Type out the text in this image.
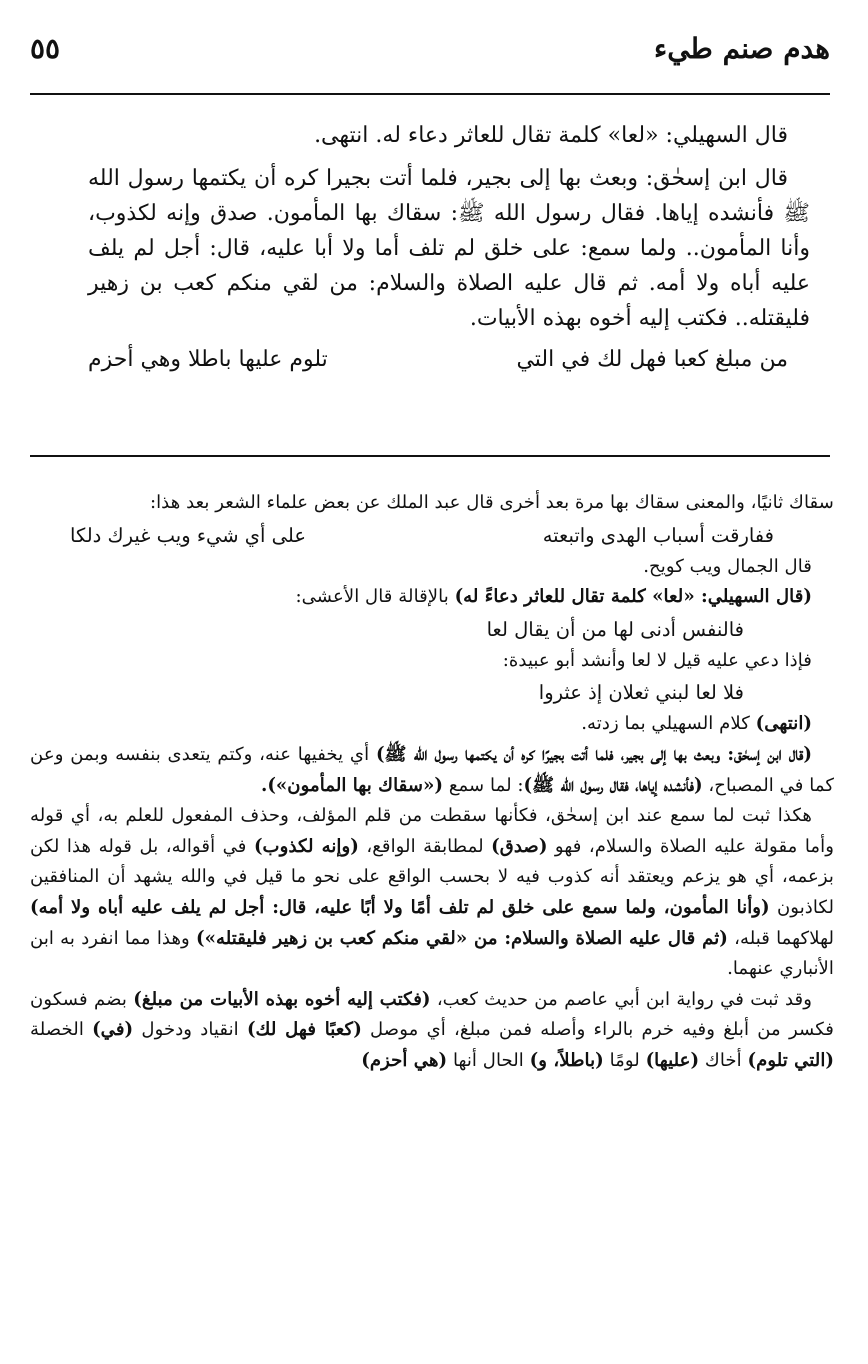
هدم صنم طيء
٥٥

قال السهيلي: «لعا» كلمة تقال للعاثر دعاء له. انتهى.

قال ابن إسحٰق: وبعث بها إلى بجير، فلما أتت بجيرا كره أن يكتمها رسول الله ﷺ فأنشده إياها. فقال رسول الله ﷺ: سقاك بها المأمون. صدق وإنه لكذوب، وأنا المأمون.. ولما سمع: على خلق لم تلف أما ولا أبا عليه، قال: أجل لم يلف عليه أباه ولا أمه. ثم قال عليه الصلاة والسلام: من لقي منكم كعب بن زهير فليقتله.. فكتب إليه أخوه بهذه الأبيات.

من مبلغ كعبا فهل لك في التي
تلوم عليها باطلا وهي أحزم

سقاك ثانيًا، والمعنى سقاك بها مرة بعد أخرى قال عبد الملك عن بعض علماء الشعر بعد هذا:

ففارقت أسباب الهدى واتبعته
على أي شيء ويب غيرك دلكا

قال الجمال ويب كويح.

(قال السهيلي: «لعا» كلمة تقال للعاثر دعاءً له) بالإقالة قال الأعشى:

فالنفس أدنى لها من أن يقال لعا

فإذا دعي عليه قيل لا لعا وأنشد أبو عبيدة:

فلا لعا لبني ثعلان إذ عثروا

(انتهى) كلام السهيلي بما زدته.

(قال ابن إسحٰق: وبعث بها إلى بجير، فلما أتت بجيرًا كره أن يكتمها رسول الله ﷺ) أي يخفيها عنه، وكتم يتعدى بنفسه وبمن وعن كما في المصباح، (فأنشده إياها، فقال رسول الله ﷺ): لما سمع («سقاك بها المأمون»).

هكذا ثبت لما سمع عند ابن إسحٰق، فكأنها سقطت من قلم المؤلف، وحذف المفعول للعلم به، أي قوله وأما مقولة عليه الصلاة والسلام، فهو (صدق) لمطابقة الواقع، (وإنه لكذوب) في أقواله، بل قوله هذا لكن بزعمه، أي هو يزعم ويعتقد أنه كذوب فيه لا بحسب الواقع على نحو ما قيل في والله يشهد أن المنافقين لكاذبون (وأنا المأمون، ولما سمع على خلق لم تلف أمًا ولا أبًا عليه، قال: أجل لم يلف عليه أباه ولا أمه) لهلاكهما قبله، (ثم قال عليه الصلاة والسلام: من «لقي منكم كعب بن زهير فليقتله») وهذا مما انفرد به ابن الأنباري عنهما.

وقد ثبت في رواية ابن أبي عاصم من حديث كعب، (فكتب إليه أخوه بهذه الأبيات من مبلغ) بضم فسكون فكسر من أبلغ وفيه خرم بالراء وأصله فمن مبلغ، أي موصل (كعبًا فهل لك) انقياد ودخول (في) الخصلة (التي تلوم) أخاك (عليها) لومًا (باطلاً، و) الحال أنها (هي أحزم)
